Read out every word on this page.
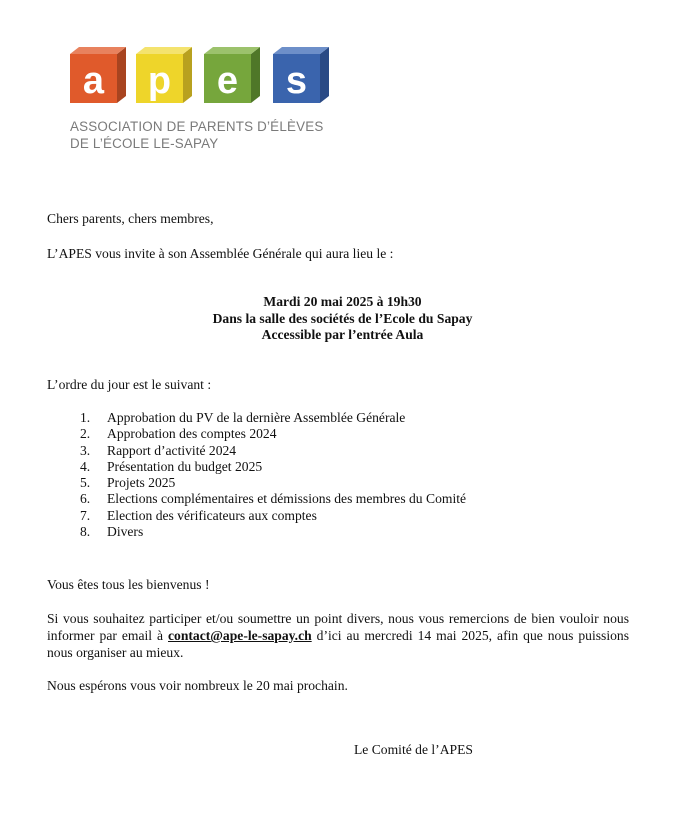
a p e s
ASSOCIATION DE PARENTS D’ÉLÈVES
DE L’ÉCOLE LE-SAPAY
Chers parents, chers membres,
L’APES vous invite à son Assemblée Générale qui aura lieu le :
Mardi 20 mai 2025 à 19h30
Dans la salle des sociétés de l’Ecole du Sapay
Accessible par l’entrée Aula
L’ordre du jour est le suivant :
1. Approbation du PV de la dernière Assemblée Générale
2. Approbation des comptes 2024
3. Rapport d’activité 2024
4. Présentation du budget 2025
5. Projets 2025
6. Elections complémentaires et démissions des membres du Comité
7. Election des vérificateurs aux comptes
8. Divers
Vous êtes tous les bienvenus !
Si vous souhaitez participer et/ou soumettre un point divers, nous vous remercions de bien vouloir nous informer par email à contact@ape-le-sapay.ch d’ici au mercredi 14 mai 2025, afin que nous puissions nous organiser au mieux.
Nous espérons vous voir nombreux le 20 mai prochain.
Le Comité de l’APES
